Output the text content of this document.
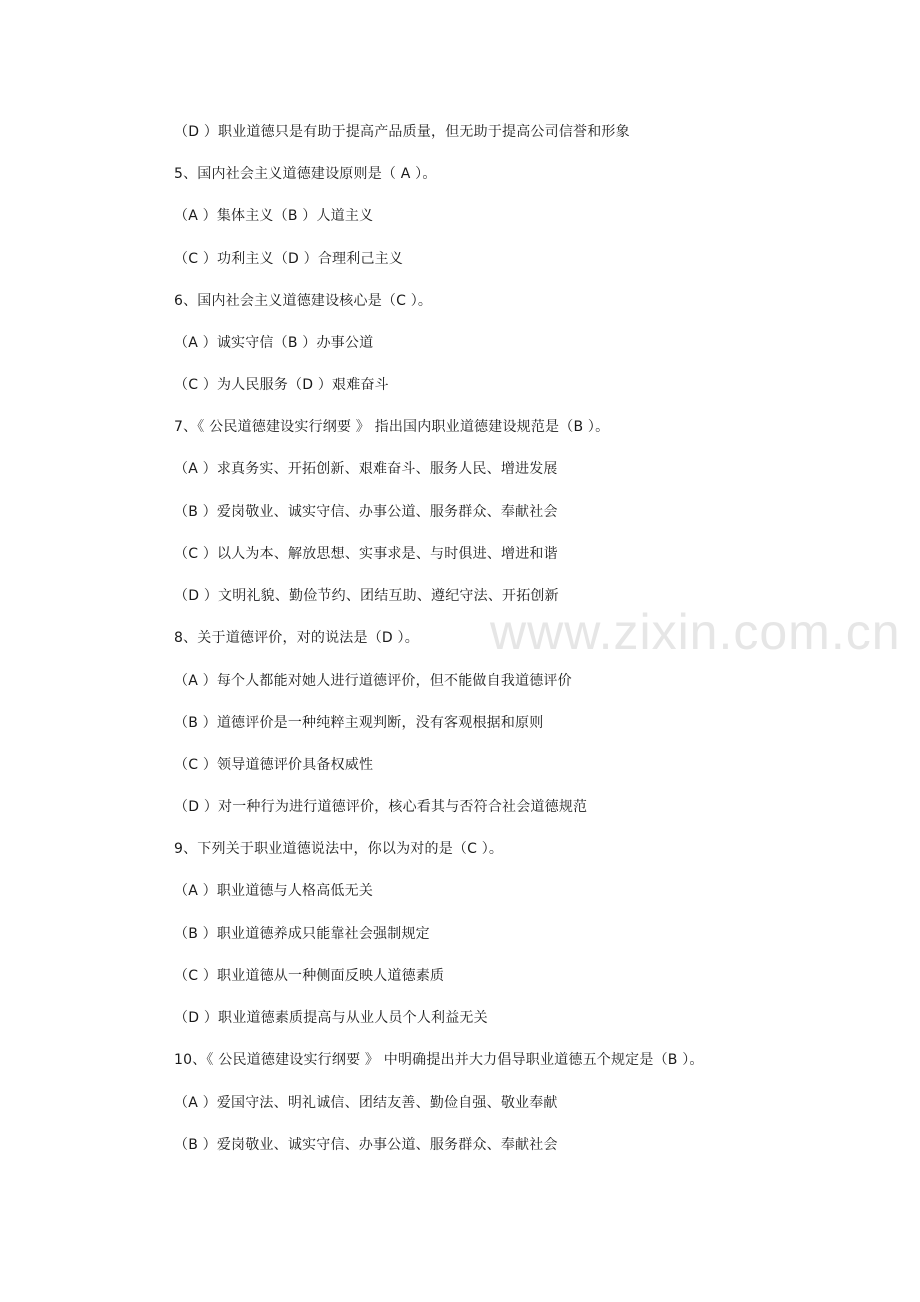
www.zixin.com.cn
（D ）职业道德只是有助于提高产品质量，但无助于提高公司信誉和形象
5、国内社会主义道德建设原则是（ A ）。
（A ）集体主义（B ）人道主义
（C ）功利主义（D ）合理利己主义
6、国内社会主义道德建设核心是（C ）。
（A ）诚实守信（B ）办事公道
（C ）为人民服务（D ）艰难奋斗
7、《 公民道德建设实行纲要 》 指出国内职业道德建设规范是（B ）。
（A ）求真务实、开拓创新、艰难奋斗、服务人民、增进发展
（B ）爱岗敬业、诚实守信、办事公道、服务群众、奉献社会
（C ）以人为本、解放思想、实事求是、与时俱进、增进和谐
（D ）文明礼貌、勤俭节约、团结互助、遵纪守法、开拓创新
8、关于道德评价，对的说法是（D ）。
（A ）每个人都能对她人进行道德评价，但不能做自我道德评价
（B ）道德评价是一种纯粹主观判断，没有客观根据和原则
（C ）领导道德评价具备权威性
（D ）对一种行为进行道德评价，核心看其与否符合社会道德规范
9、下列关于职业道德说法中，你以为对的是（C ）。
（A ）职业道德与人格高低无关
（B ）职业道德养成只能靠社会强制规定
（C ）职业道德从一种侧面反映人道德素质
（D ）职业道德素质提高与从业人员个人利益无关
10、《 公民道德建设实行纲要 》 中明确提出并大力倡导职业道德五个规定是（B ）。
（A ）爱国守法、明礼诚信、团结友善、勤俭自强、敬业奉献
（B ）爱岗敬业、诚实守信、办事公道、服务群众、奉献社会
